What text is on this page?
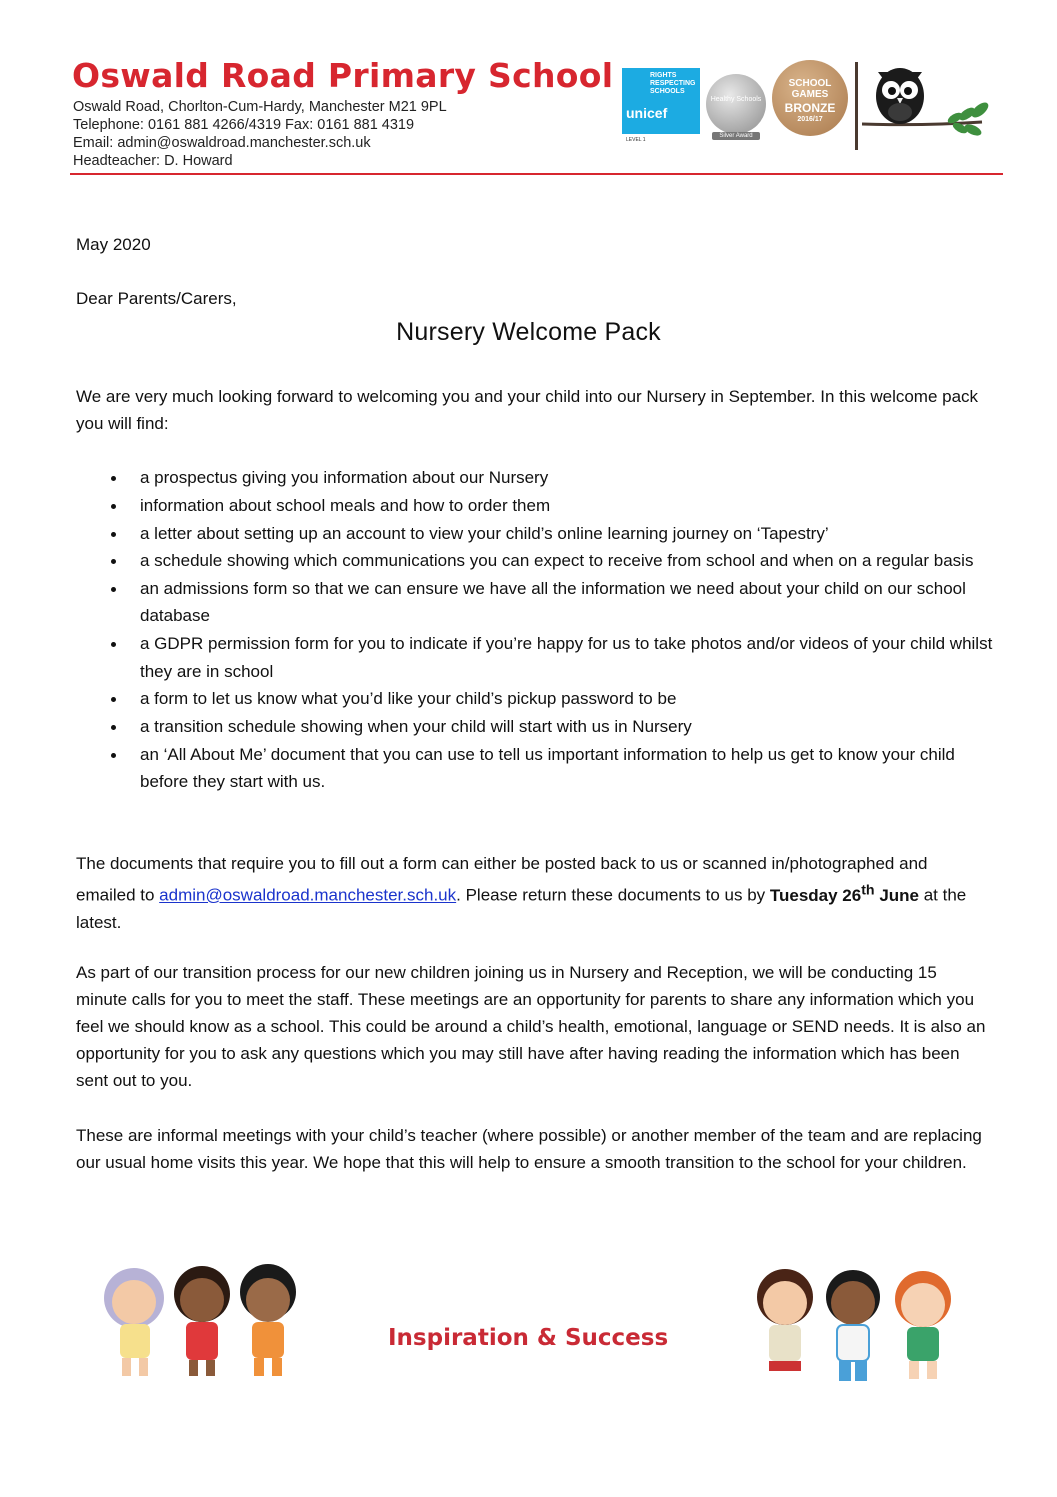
Oswald Road Primary School
Oswald Road, Chorlton-Cum-Hardy, Manchester M21 9PL
Telephone: 0161 881 4266/4319 Fax: 0161 881 4319
Email: admin@oswaldroad.manchester.sch.uk
Headteacher: D. Howard
RIGHTS RESPECTING SCHOOLS
unicef
LEVEL 1
Healthy Schools
Silver Award
SCHOOL GAMES
BRONZE
2016/17
May 2020
Dear Parents/Carers,
Nursery Welcome Pack

We are very much looking forward to welcoming you and your child into our Nursery in September. In this welcome pack you will find:

a prospectus giving you information about our Nursery
information about school meals and how to order them
a letter about setting up an account to view your child’s online learning journey on ‘Tapestry’
a schedule showing which communications you can expect to receive from school and when on a regular basis
an admissions form so that we can ensure we have all the information we need about your child on our school database
a GDPR permission form for you to indicate if you’re happy for us to take photos and/or videos of your child whilst they are in school
a form to let us know what you’d like your child’s pickup password to be
a transition schedule showing when your child will start with us in Nursery
an ‘All About Me’ document that you can use to tell us important information to help us get to know your child before they start with us.

The documents that require you to fill out a form can either be posted back to us or scanned in/photographed and emailed to admin@oswaldroad.manchester.sch.uk. Please return these documents to us by Tuesday 26th June at the latest.

As part of our transition process for our new children joining us in Nursery and Reception, we will be conducting 15 minute calls for you to meet the staff. These meetings are an opportunity for parents to share any information which you feel we should know as a school. This could be around a child’s health, emotional, language or SEND needs. It is also an opportunity for you to ask any questions which you may still have after having reading the information which has been sent out to you.

These are informal meetings with your child’s teacher (where possible) or another member of the team and are replacing our usual home visits this year. We hope that this will help to ensure a smooth transition to the school for your children.

Inspiration & Success
